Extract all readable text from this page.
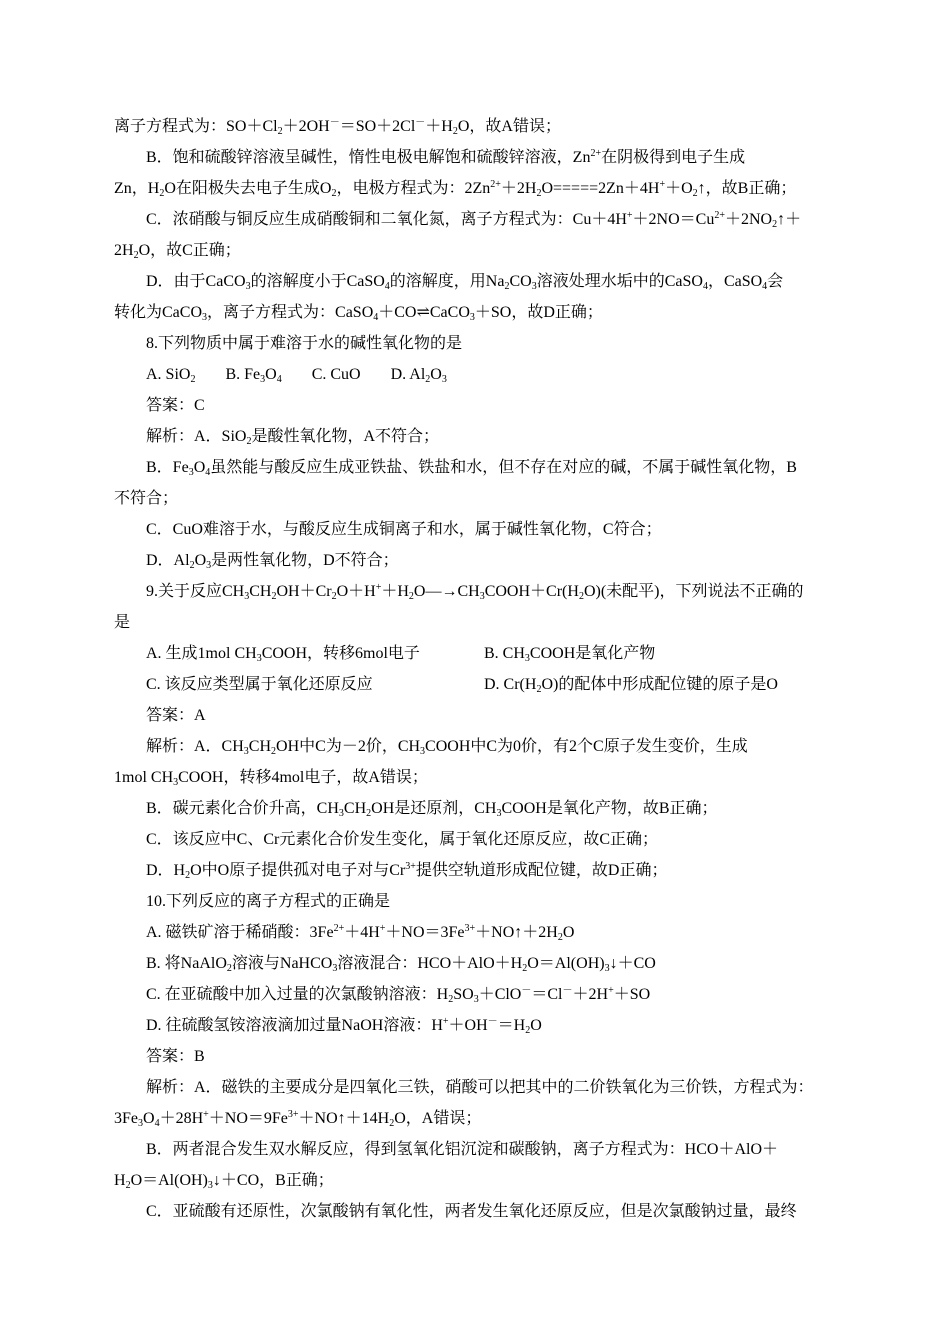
离子方程式为：$SO+Cl_2+2OH^-=SO+2Cl^-+H_2O$，故A错误；
B．饱和硫酸锌溶液呈碱性，惰性电极电解饱和硫酸锌溶液，$Zn^{2+}$在阴极得到电子生成
Zn，$H_2O$在阳极失去电子生成$O_2$，电极方程式为：$2Zn^{2+}+2H_2O=====2Zn+4H^++O_2↑$，故B正确；
C．浓硝酸与铜反应生成硝酸铜和二氧化氮，离子方程式为：$Cu+4H^++2NO=Cu^{2+}+2NO_2↑+$
$2H_2O$，故C正确；
D．由于CaCO$_3$的溶解度小于CaSO$_4$的溶解度，用$Na_2CO_3$溶液处理水垢中的CaSO$_4$，CaSO$_4$会
转化为CaCO$_3$，离子方程式为：CaSO$_4$＋CO⇌CaCO$_3$＋SO，故D正确；
8.下列物质中属于难溶于水的碱性氧化物的是
A. SiO$_2$ B. $Fe_3O_4$ C. CuO D. $Al_2O_3$
答案：C
解析：A．SiO$_2$是酸性氧化物，A不符合；
B．$Fe_3O_4$虽然能与酸反应生成亚铁盐、铁盐和水，但不存在对应的碱，不属于碱性氧化物，B
不符合；
C．CuO难溶于水，与酸反应生成铜离子和水，属于碱性氧化物，C符合；
D．$Al_2O_3$是两性氧化物，D不符合；
9.关于反应$CH_3CH_2OH+Cr_2O+H^++H_2O—\to CH_3COOH+Cr(H_2O)$(未配平)，下列说法不正确的
是
A. 生成1mol $CH_3COOH$，转移6mol电子	B. $CH_3COOH$是氧化产物
C. 该反应类型属于氧化还原反应	D. $Cr(H_2O)$的配体中形成配位键的原子是O
答案：A
解析：A．$CH_3CH_2OH$中C为－2价，$CH_3COOH$中C为0价，有2个C原子发生变价，生成
1mol $CH_3COOH$，转移4mol电子，故A错误；
B．碳元素化合价升高，$CH_3CH_2OH$是还原剂，$CH_3COOH$是氧化产物，故B正确；
C．该反应中C、Cr元素化合价发生变化，属于氧化还原反应，故C正确；
D．$H_2O$中O原子提供孤对电子对与$Cr^{3+}$提供空轨道形成配位键，故D正确；
10.下列反应的离子方程式的正确是
A. 磁铁矿溶于稀硝酸：$3Fe^{2+}+4H^++NO=3Fe^{3+}+NO↑+2H_2O$
B. 将NaAlO$_2$溶液与NaHCO$_3$溶液混合：$HCO+AlO+H_2O=Al(OH)_3↓+CO$
C. 在亚硫酸中加入过量的次氯酸钠溶液：$H_2SO_3+ClO^-=Cl^-+2H^++SO$
D. 往硫酸氢铵溶液滴加过量NaOH溶液：$H^++OH^-=H_2O$
答案：B
解析：A．磁铁的主要成分是四氧化三铁，硝酸可以把其中的二价铁氧化为三价铁，方程式为：
$3Fe_3O_4+28H^++NO=9Fe^{3+}+NO↑+14H_2O$，A错误；
B．两者混合发生双水解反应，得到氢氧化铝沉淀和碳酸钠，离子方程式为：HCO＋AlO＋
$H_2O=Al(OH)_3↓+CO$，B正确；
C．亚硫酸有还原性，次氯酸钠有氧化性，两者发生氧化还原反应，但是次氯酸钠过量，最终
